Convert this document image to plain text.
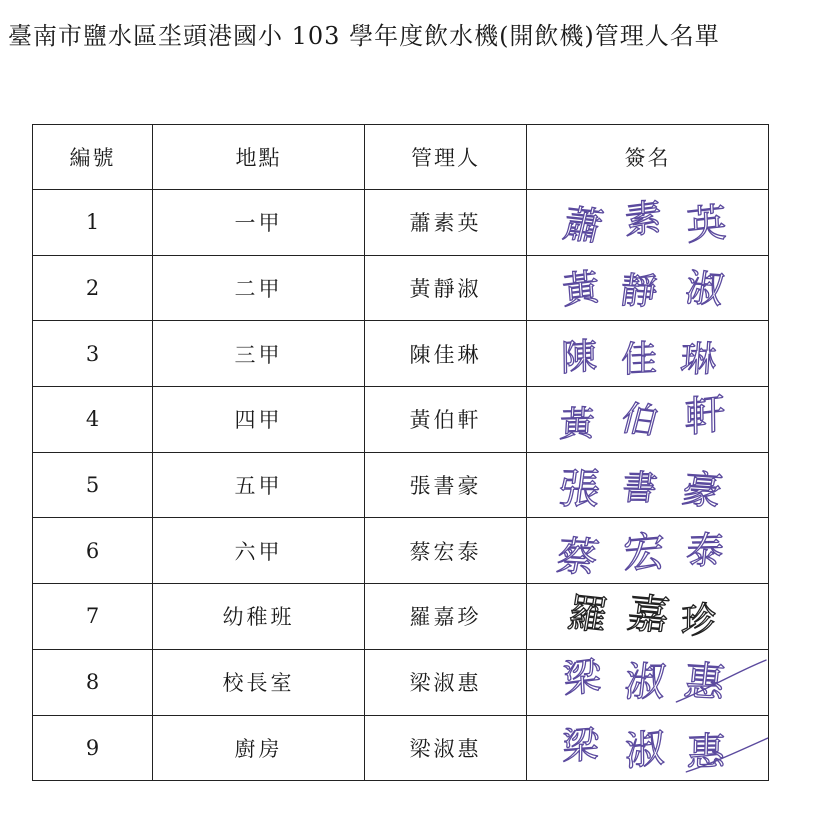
臺南市鹽水區坔頭港國小 103 學年度飲水機(開飲機)管理人名單
編號	地點	管理人	簽名
1	一甲	蕭素英	蕭 素 英

2	二甲	黃靜淑	黃 靜 淑

3	三甲	陳佳琳	陳 佳 琳

4	四甲	黃伯軒	黃 伯 軒

5	五甲	張書豪	張 書 豪

6	六甲	蔡宏泰	蔡 宏 泰

7	幼稚班	羅嘉珍	羅 嘉 珍

8	校長室	梁淑惠	梁 淑 惠

9	廚房	梁淑惠	梁 淑 惠
